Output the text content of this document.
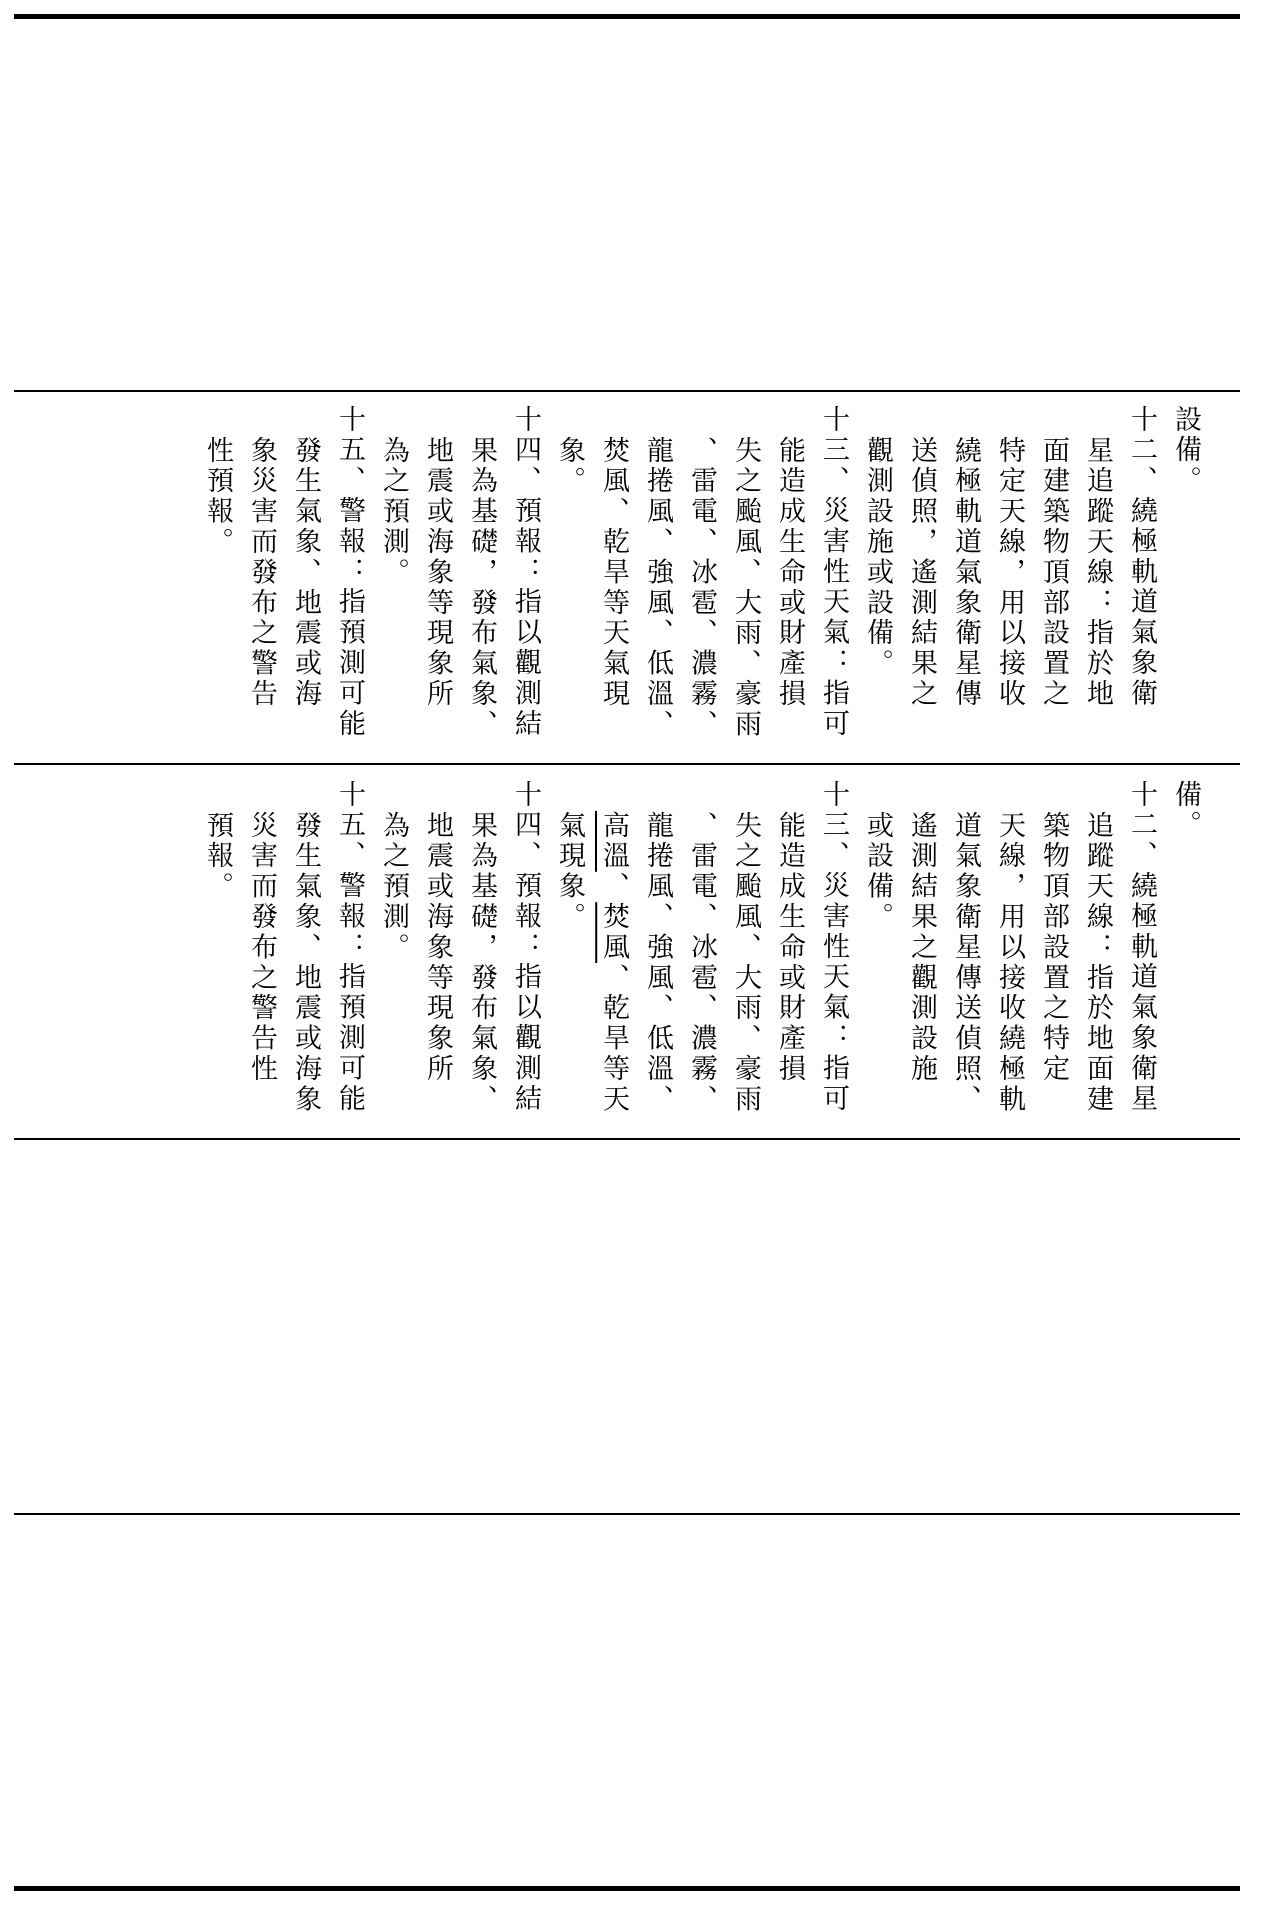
設備。
十二、繞極軌道氣象衛
星追蹤天線：指於地
面建築物頂部設置之
特定天線，用以接收
繞極軌道氣象衛星傳
送偵照，遙測結果之
觀測設施或設備。
十三、災害性天氣：指可
能造成生命或財產損
失之颱風、大雨、豪雨
、雷電、冰雹、濃霧、
龍捲風、強風、低溫、
焚風、乾旱等天氣現
象。
十四、預報：指以觀測結
果為基礎，發布氣象、
地震或海象等現象所
為之預測。
十五、警報：指預測可能
發生氣象、地震或海
象災害而發布之警告
性預報。
備。
十二、繞極軌道氣象衛星
追蹤天線：指於地面建
築物頂部設置之特定
天線，用以接收繞極軌
道氣象衛星傳送偵照、
遙測結果之觀測設施
或設備。
十三、災害性天氣：指可
能造成生命或財產損
失之颱風、大雨、豪雨
、雷電、冰雹、濃霧、
龍捲風、強風、低溫、
高溫、焚風、乾旱等天
氣現象。
十四、預報：指以觀測結
果為基礎，發布氣象、
地震或海象等現象所
為之預測。
十五、警報：指預測可能
發生氣象、地震或海象
災害而發布之警告性
預報。
